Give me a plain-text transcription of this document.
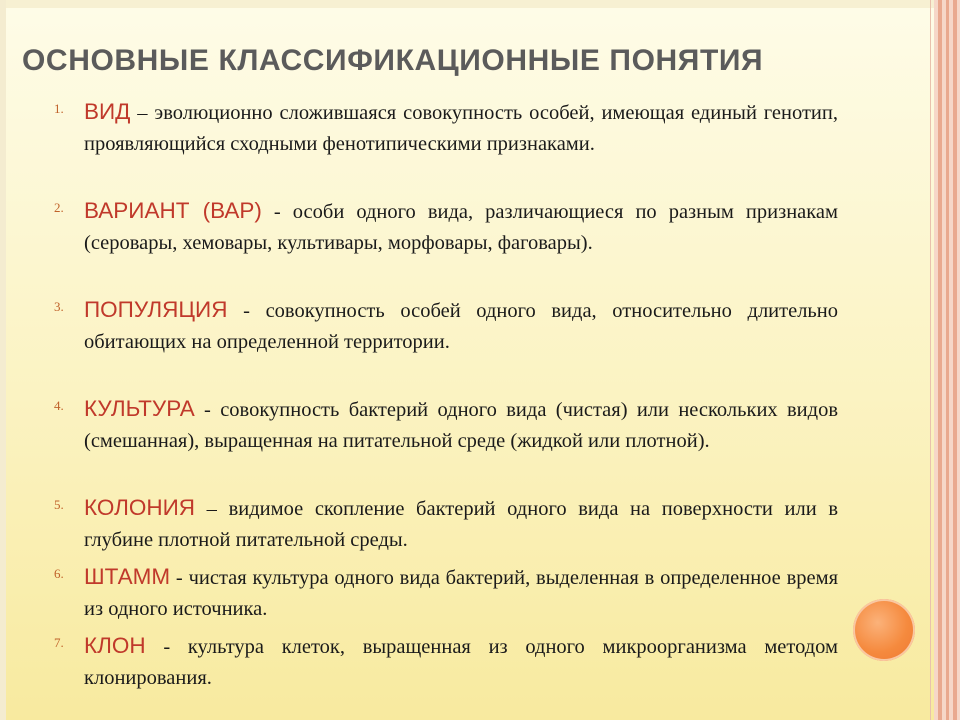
ОСНОВНЫЕ КЛАССИФИКАЦИОННЫЕ ПОНЯТИЯ
1. ВИД – эволюционно сложившаяся совокупность особей, имеющая единый генотип, проявляющийся сходными фенотипическими признаками.
2. ВАРИАНТ (ВАР) - особи одного вида, различающиеся по разным признакам (серовары, хемовары, культивары, морфовары, фаговары).
3. ПОПУЛЯЦИЯ - совокупность особей одного вида, относительно длительно обитающих на определенной территории.
4. КУЛЬТУРА - совокупность бактерий одного вида (чистая) или нескольких видов (смешанная), выращенная на питательной среде (жидкой или плотной).
5. КОЛОНИЯ – видимое скопление бактерий одного вида на поверхности или в глубине плотной питательной среды.
6. ШТАММ - чистая культура одного вида бактерий, выделенная в определенное время из одного источника.
7. КЛОН - культура клеток, выращенная из одного микроорганизма методом клонирования.
